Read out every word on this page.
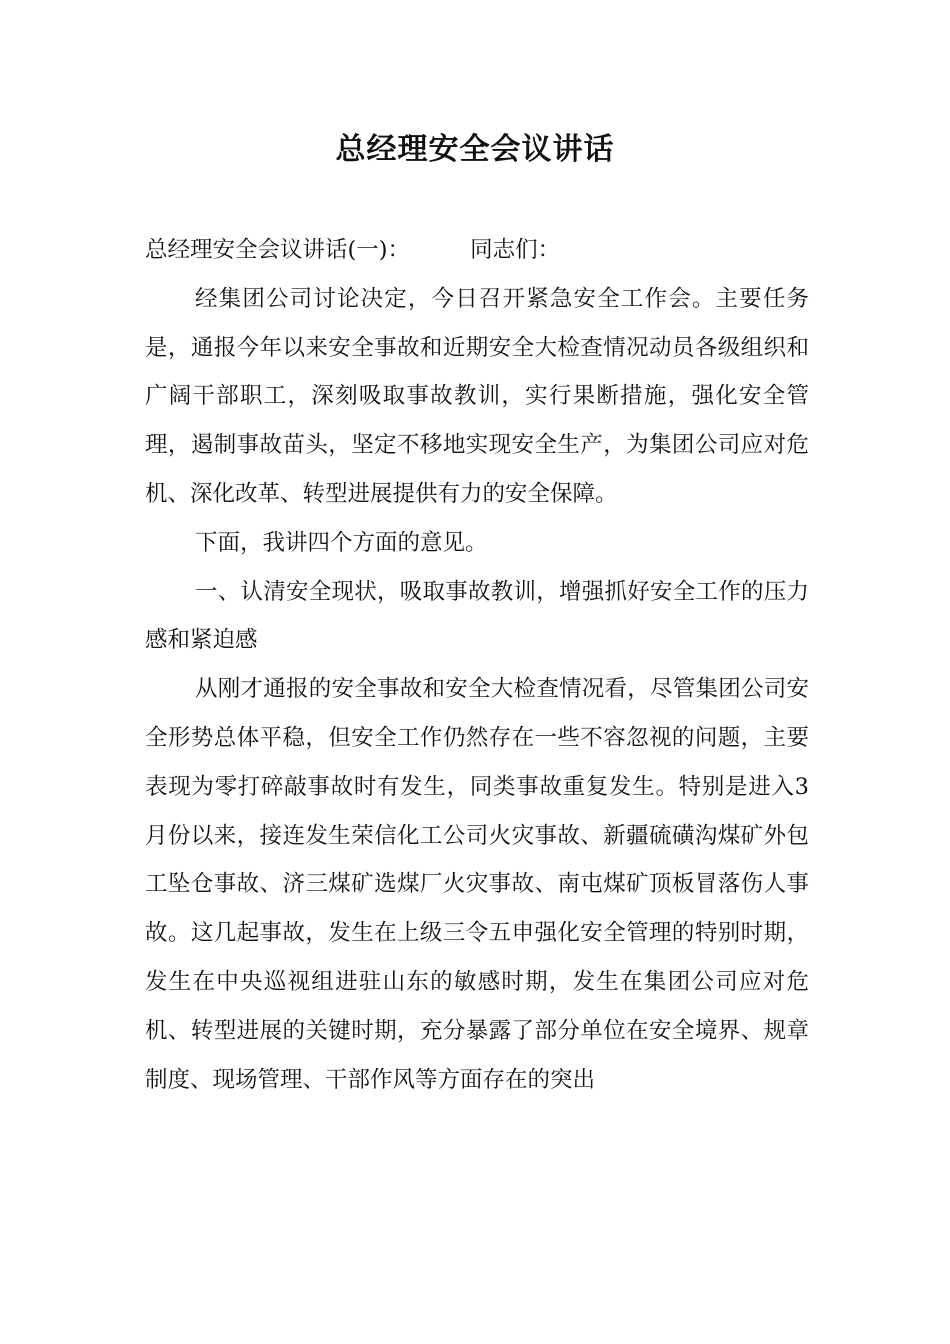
总经理安全会议讲话

总经理安全会议讲话(一)：	同志们：

经集团公司讨论决定，今日召开紧急安全工作会。主要任务是，通报今年以来安全事故和近期安全大检查情况动员各级组织和广阔干部职工，深刻吸取事故教训，实行果断措施，强化安全管理，遏制事故苗头，坚定不移地实现安全生产，为集团公司应对危机、深化改革、转型进展提供有力的安全保障。

下面，我讲四个方面的意见。

一、认清安全现状，吸取事故教训，增强抓好安全工作的压力感和紧迫感

从刚才通报的安全事故和安全大检查情况看，尽管集团公司安全形势总体平稳，但安全工作仍然存在一些不容忽视的问题，主要表现为零打碎敲事故时有发生，同类事故重复发生。特别是进入3月份以来，接连发生荣信化工公司火灾事故、新疆硫磺沟煤矿外包工坠仓事故、济三煤矿选煤厂火灾事故、南屯煤矿顶板冒落伤人事故。这几起事故，发生在上级三令五申强化安全管理的特别时期，发生在中央巡视组进驻山东的敏感时期，发生在集团公司应对危机、转型进展的关键时期，充分暴露了部分单位在安全境界、规章制度、现场管理、干部作风等方面存在的突出
